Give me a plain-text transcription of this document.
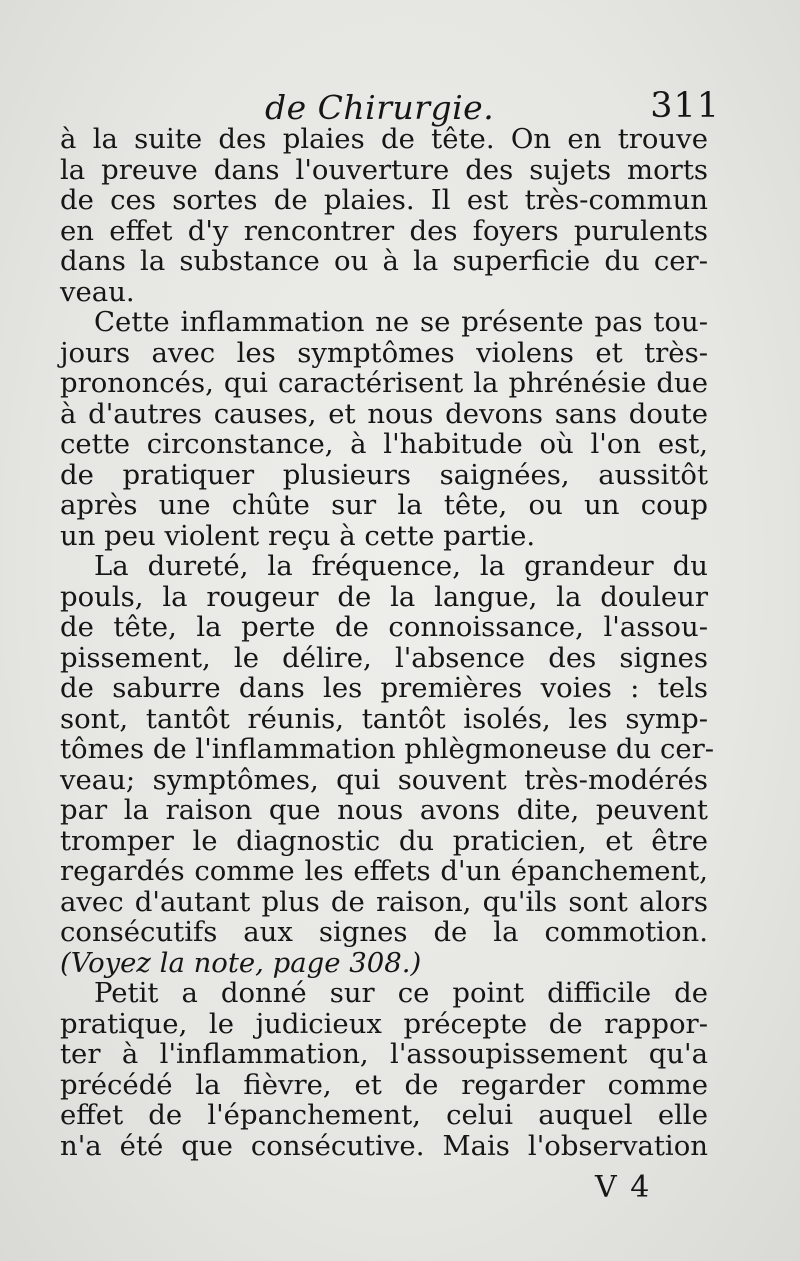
de Chirurgie.	311
à la suite des plaies de tête. On en trouve
la preuve dans l'ouverture des sujets morts
de ces sortes de plaies. Il est très-commun
en effet d'y rencontrer des foyers purulents
dans la substance ou à la superficie du cer-
veau.
Cette inflammation ne se présente pas tou-
jours avec les symptômes violens et très-
prononcés, qui caractérisent la phrénésie due
à d'autres causes, et nous devons sans doute
cette circonstance, à l'habitude où l'on est,
de pratiquer plusieurs saignées, aussitôt
après une chûte sur la tête, ou un coup
un peu violent reçu à cette partie.
La dureté, la fréquence, la grandeur du
pouls, la rougeur de la langue, la douleur
de tête, la perte de connoissance, l'assou-
pissement, le délire, l'absence des signes
de saburre dans les premières voies : tels
sont, tantôt réunis, tantôt isolés, les symp-
tômes de l'inflammation phlègmoneuse du cer-
veau; symptômes, qui souvent très-modérés
par la raison que nous avons dite, peuvent
tromper le diagnostic du praticien, et être
regardés comme les effets d'un épanchement,
avec d'autant plus de raison, qu'ils sont alors
consécutifs aux signes de la commotion.
(Voyez la note, page 308.)
Petit a donné sur ce point difficile de
pratique, le judicieux précepte de rappor-
ter à l'inflammation, l'assoupissement qu'a
précédé la fièvre, et de regarder comme
effet de l'épanchement, celui auquel elle
n'a été que consécutive. Mais l'observation
V 4
